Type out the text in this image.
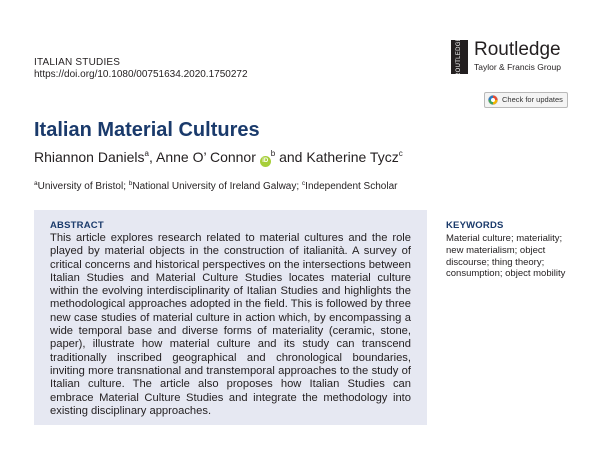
ITALIAN STUDIES
https://doi.org/10.1080/00751634.2020.1750272	ROUTLEDGE Routledge
Taylor & Francis Group
Check for updates
Italian Material Cultures
Rhiannon Daniels$^a$, Anne O’ Connor $iD^b$ and Katherine Tycz$^c$
$^a$University of Bristol; $^b$National University of Ireland Galway; $^c$Independent Scholar
ABSTRACT
This article explores research related to material cultures and the role played by material objects in the construction of italianità. A survey of critical concerns and historical perspectives on the intersections between Italian Studies and Material Culture Studies locates material culture within the evolving interdisciplinarity of Italian Studies and highlights the methodological approaches adopted in the field. This is followed by three new case studies of material culture in action which, by encompassing a wide temporal base and diverse forms of materiality (ceramic, stone, paper), illustrate how material culture and its study can transcend traditionally inscribed geographical and chronological boundaries, inviting more transnational and transtemporal approaches to the study of Italian culture. The article also proposes how Italian Studies can embrace Material Culture Studies and integrate the methodology into existing disciplinary approaches.
KEYWORDS
Material culture; materiality; new materialism; object discourse; thing theory; consumption; object mobility
